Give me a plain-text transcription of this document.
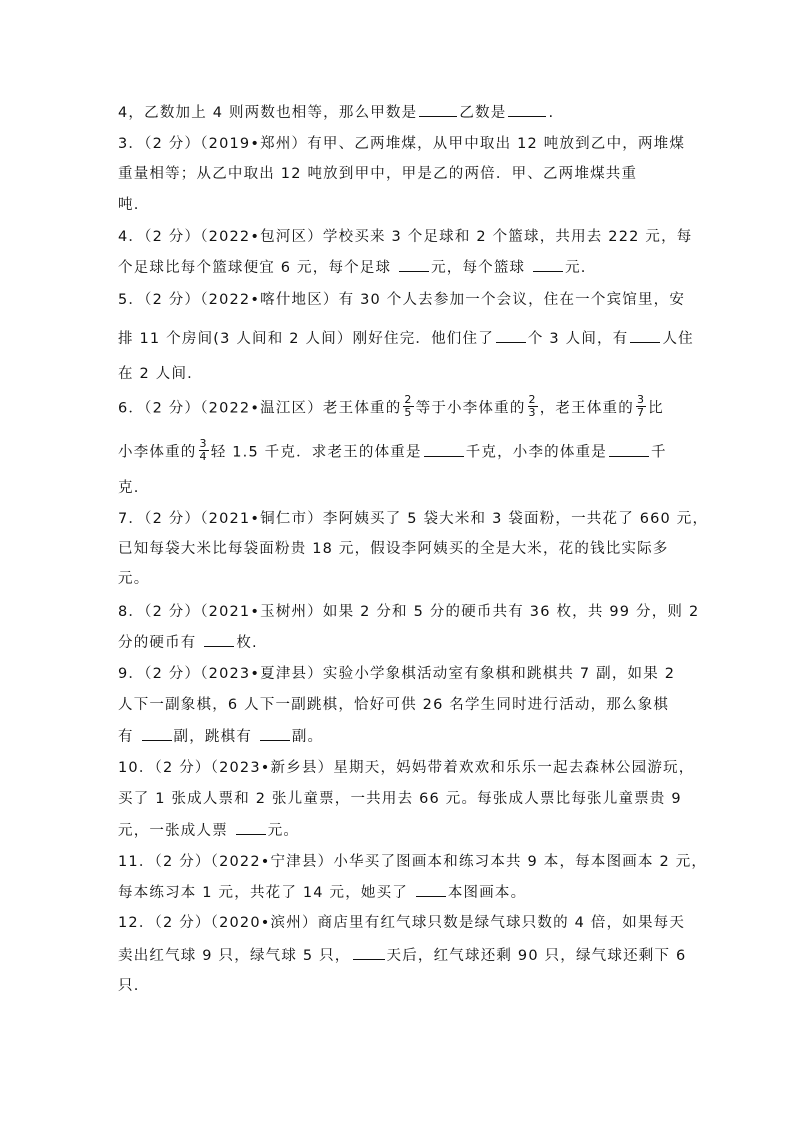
4，乙数加上 4 则两数也相等，那么甲数是	乙数是	.
3．（2 分）（2019•郑州）有甲、乙两堆煤，从甲中取出 12 吨放到乙中，两堆煤
重量相等；从乙中取出 12 吨放到甲中，甲是乙的两倍．甲、乙两堆煤共重
吨.
4．（2 分）（2022•包河区）学校买来 3 个足球和 2 个篮球，共用去 222 元，每
个足球比每个篮球便宜 6 元，每个足球 元，每个篮球 元.
5．（2 分）（2022•喀什地区）有 30 个人去参加一个会议，住在一个宾馆里，安
排 11 个房间(3 人间和 2 人间）刚好住完．他们住了 个 3 人间，有 人住
在 2 人间.
6．（2 分）（2022•温江区）老王体重的 $\frac{2}{5}$ 等于小李体重的 $\frac{2}{3}$ ，老王体重的 $\frac{3}{7}$ 比
小李体重的 $\frac{3}{4}$ 轻 1.5 千克．求老王的体重是	千克，小李的体重是	千
克.
7．（2 分）（2021•铜仁市）李阿姨买了 5 袋大米和 3 袋面粉，一共花了 660 元，
已知每袋大米比每袋面粉贵 18 元，假设李阿姨买的全是大米，花的钱比实际多
元。
8．（2 分）（2021•玉树州）如果 2 分和 5 分的硬币共有 36 枚，共 99 分，则 2
分的硬币有 枚.
9．（2 分）（2023•夏津县）实验小学象棋活动室有象棋和跳棋共 7 副，如果 2
人下一副象棋，6 人下一副跳棋，恰好可供 26 名学生同时进行活动，那么象棋
有 副，跳棋有 副。
10．（2 分）（2023•新乡县）星期天，妈妈带着欢欢和乐乐一起去森林公园游玩，
买了 1 张成人票和 2 张儿童票，一共用去 66 元。每张成人票比每张儿童票贵 9
元，一张成人票 元。
11．（2 分）（2022•宁津县）小华买了图画本和练习本共 9 本，每本图画本 2 元，
每本练习本 1 元，共花了 14 元，她买了 本图画本。
12．（2 分）（2020•滨州）商店里有红气球只数是绿气球只数的 4 倍，如果每天
卖出红气球 9 只，绿气球 5 只， 天后，红气球还剩 90 只，绿气球还剩下 6
只.
